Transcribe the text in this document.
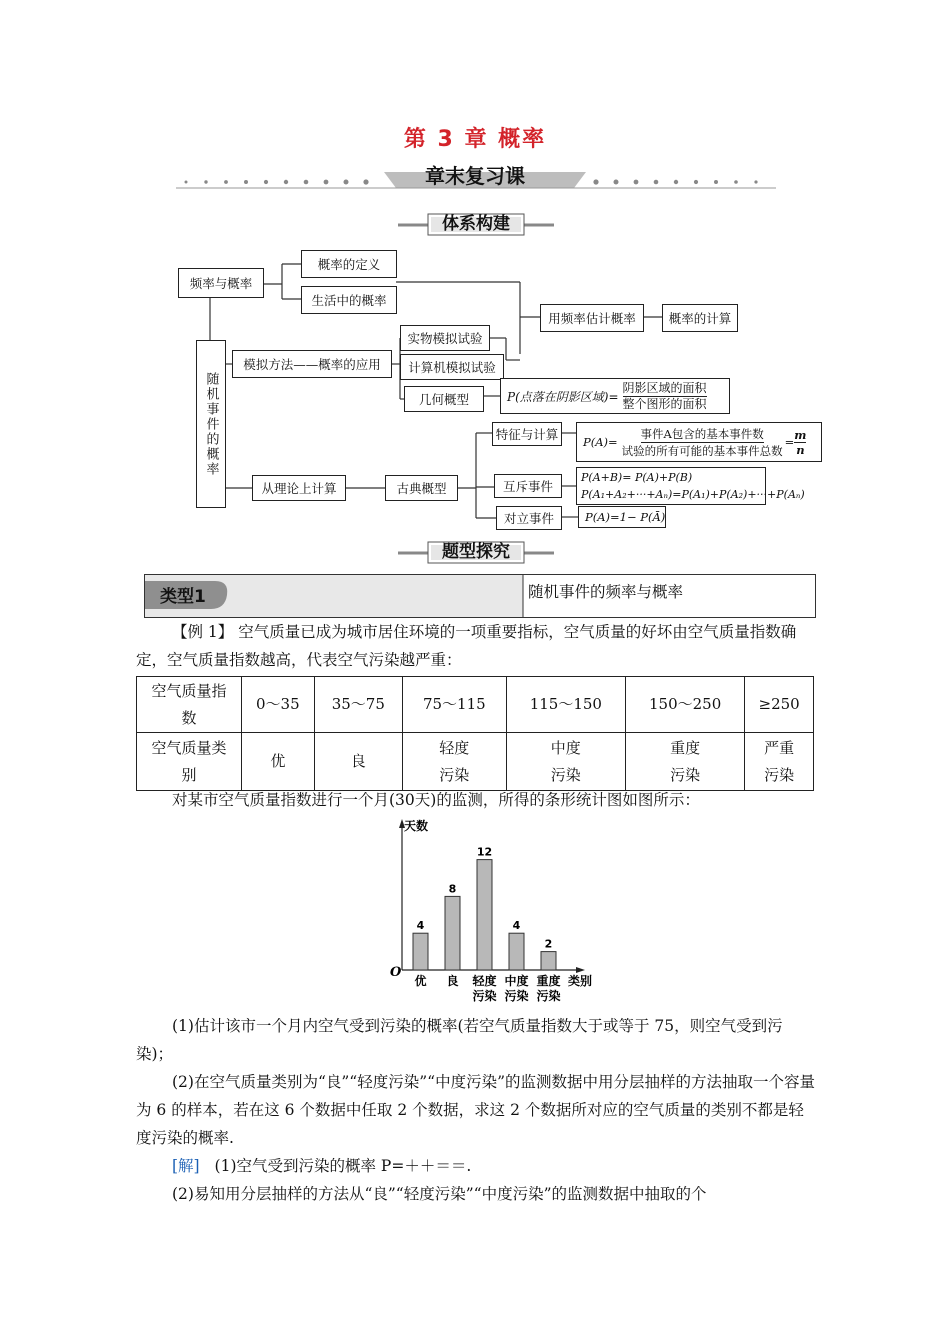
第 3 章 概率
章末复习课
体系构建
频率与概率
概率的定义
生活中的概率
用频率估计概率	概率的计算
随机事件的概率
模拟方法——概率的应用
实物模拟试验
计算机模拟试验
几何概型	P(点落在阴影区域)=
阴影区域的面积
整个图形的面积
从理论上计算	古典概型
特征与计算	P(A)=
事件A包含的基本事件数
试验的所有可能的基本事件总数
= $\frac{m}{n}$
互斥事件
P(A+B)= P(A)+P(B)
P(A₁+A₂+···+Aₙ)=P(A₁)+P(A₂)+···+P(Aₙ)
对立事件	P(A)=1− P(Ā)
题型探究
类型1	随机事件的频率与概率
【例 1】 空气质量已成为城市居住环境的一项重要指标，空气质量的好坏由空气质量指数确定，空气质量指数越高，代表空气污染越严重：
空气质量指数	0～35	35～75	75～115	115～150	150～250	≥250

空气质量类别	优	良	轻度污染	中度污染	重度污染	严重污染
对某市空气质量指数进行一个月(30天)的监测，所得的条形统计图如图所示：
天数
类别
O
4
优
8
良
12
轻度
污染
4
中度
污染
2
重度
污染
(1)估计该市一个月内空气受到污染的概率(若空气质量指数大于或等于 75，则空气受到污染)；
(2)在空气质量类别为“良”“轻度污染”“中度污染”的监测数据中用分层抽样的方法抽取一个容量为 6 的样本，若在这 6 个数据中任取 2 个数据，求这 2 个数据所对应的空气质量的类别不都是轻度污染的概率.
[解] (1)空气受到污染的概率 P=＋＋＝＝.
(2)易知用分层抽样的方法从“良”“轻度污染”“中度污染”的监测数据中抽取的个
